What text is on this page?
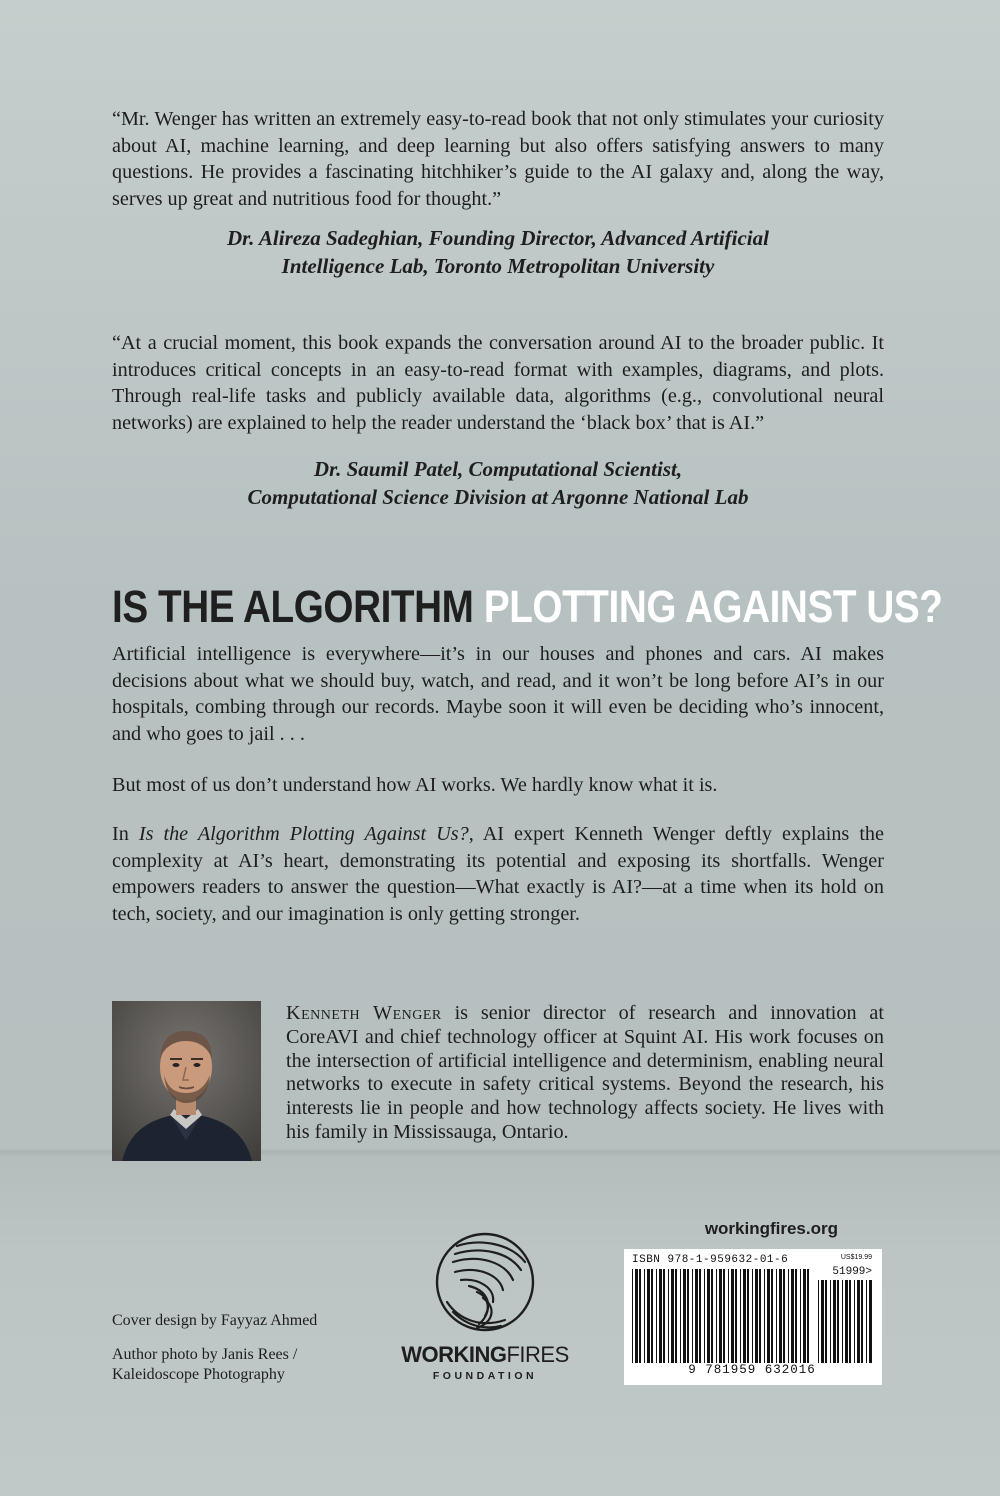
“Mr. Wenger has written an extremely easy-to-read book that not only stimulates your curiosity about AI, machine learning, and deep learning but also offers satisfying answers to many questions. He provides a fascinating hitchhiker’s guide to the AI galaxy and, along the way, serves up great and nutritious food for thought.”

Dr. Alireza Sadeghian, Founding Director, Advanced Artificial
Intelligence Lab, Toronto Metropolitan University

“At a crucial moment, this book expands the conversation around AI to the broader public. It introduces critical concepts in an easy-to-read format with examples, diagrams, and plots. Through real-life tasks and publicly available data, algorithms (e.g., convolutional neural networks) are explained to help the reader understand the ‘black box’ that is AI.”

Dr. Saumil Patel, Computational Scientist,
Computational Science Division at Argonne National Lab
IS THE ALGORITHM PLOTTING AGAINST US?

Artificial intelligence is everywhere—it’s in our houses and phones and cars. AI makes decisions about what we should buy, watch, and read, and it won’t be long before AI’s in our hospitals, combing through our records. Maybe soon it will even be deciding who’s innocent, and who goes to jail . . .

But most of us don’t understand how AI works. We hardly know what it is.

In Is the Algorithm Plotting Against Us?, AI expert Kenneth Wenger deftly explains the complexity at AI’s heart, demonstrating its potential and exposing its shortfalls. Wenger empowers readers to answer the question—What exactly is AI?—at a time when its hold on tech, society, and our imagination is only getting stronger.

Kenneth Wenger is senior director of research and innovation at CoreAVI and chief technology officer at Squint AI. His work focuses on the intersection of artificial intelligence and determinism, enabling neural networks to execute in safety critical systems. Beyond the research, his interests lie in people and how technology affects society. He lives with his family in Mississauga, Ontario.
Cover design by Fayyaz Ahmed
Author photo by Janis Rees /
Kaleidoscope Photography
WORKINGFIRES
FOUNDATION
workingfires.org
ISBN 978-1-959632-01-6	US$19.99
51999>
9 781959 632016
